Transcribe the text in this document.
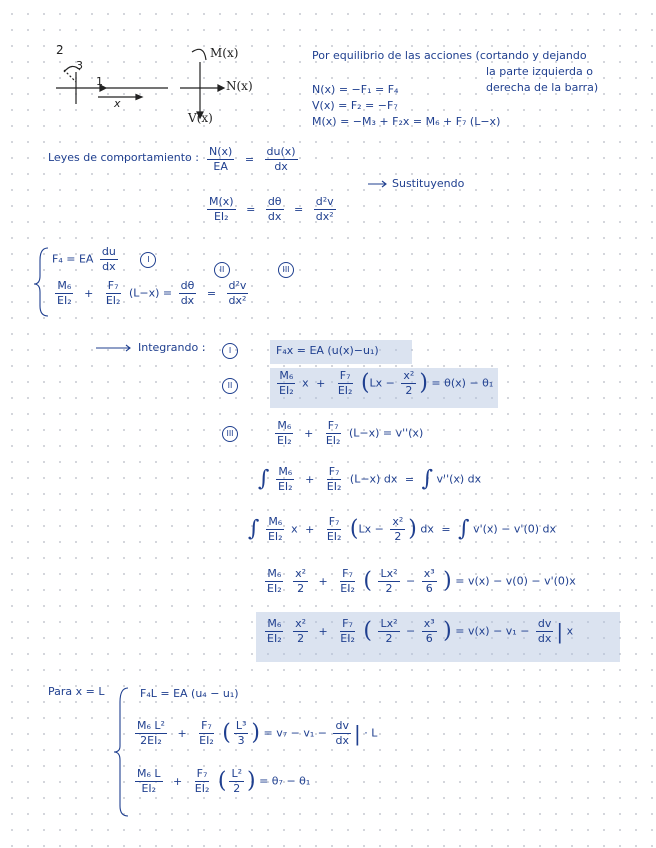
2
3
1
x
M(x)
N(x)
V(x)
Por equilibrio de las acciones (cortando y dejando
la parte izquierda o
derecha de la barra)
N(x) = −F₁ = F₄
V(x) = F₂ = −F₇
M(x) = −M₃ + F₂x = M₆ + F₇ (L−x)
Leyes de comportamiento : $\frac{N(x)}{EA} = \frac{du(x)}{dx}$
Sustituyendo
$\frac{M(x)}{\text{EI₂}} = \frac{d\theta}{dx} = \frac{\text{d²v}}{\text{dx²}}$
F₄ = EA $\frac{du}{dx}$	I
II	III
$\frac{\text{M₆}}{\text{EI₂}} + \frac{\text{F₇}}{\text{EI₂}} (L-x) = \frac{d\theta}{dx} = \frac{\text{d²v}}{\text{dx²}}$
Integrando :	I	F₄x = EA (u(x)−u₁)
II	$\frac{\text{M₆}}{\text{EI₂}}$ $x + \frac{\text{F₇}}{\text{EI₂}} (Lx - \frac{\text{x²}}{2}$ ) = θ(x) − θ₁
III	$\frac{\text{M₆}}{\text{EI₂}} + \frac{\text{F₇}}{\text{EI₂}} (L-x) = v''(x)$
∫ $\frac{\text{M₆}}{\text{EI₂}} + \frac{\text{F₇}}{\text{EI₂}} (L-x)$ dx = ∫ v''(x) dx
∫ $\frac{\text{M₆}}{\text{EI₂}}$ $x + \frac{\text{F₇}}{\text{EI₂}} (Lx - \frac{\text{x²}}{2}$ ) dx = ∫ v'(x) − v'(0) dx
$\frac{\text{M₆}}{\text{EI₂}}$
$\frac{\text{x²}}{2} + \frac{\text{F₇}}{\text{EI₂}}$ ( $\frac{\text{Lx²}}{2} - \frac{\text{x³}}{6}$ ) = v(x) − v(0) − v'(0)x
$\frac{\text{M₆}}{\text{EI₂}}$
$\frac{\text{x²}}{2} + \frac{\text{F₇}}{\text{EI₂}}$ ( $\frac{\text{Lx²}}{2} - \frac{\text{x³}}{6}$ ) = $v(x) - v_1 - \frac{dv}{dx}$ | x
Para x = L	F₄L = EA (u₄ − u₁)
$\frac{\text{M₆ L²}}{\text{2EI₂}} + \frac{\text{F₇}}{\text{EI₂}}$ ( $\frac{\text{L³}}{3}$ ) = $v_7 - v_1 - \frac{dv}{dx}$ | · L
$\frac{\text{M₆ L}}{\text{EI₂}} + \frac{\text{F₇}}{\text{EI₂}}$ ( $\frac{\text{L²}}{2}$ ) = θ₇ − θ₁
